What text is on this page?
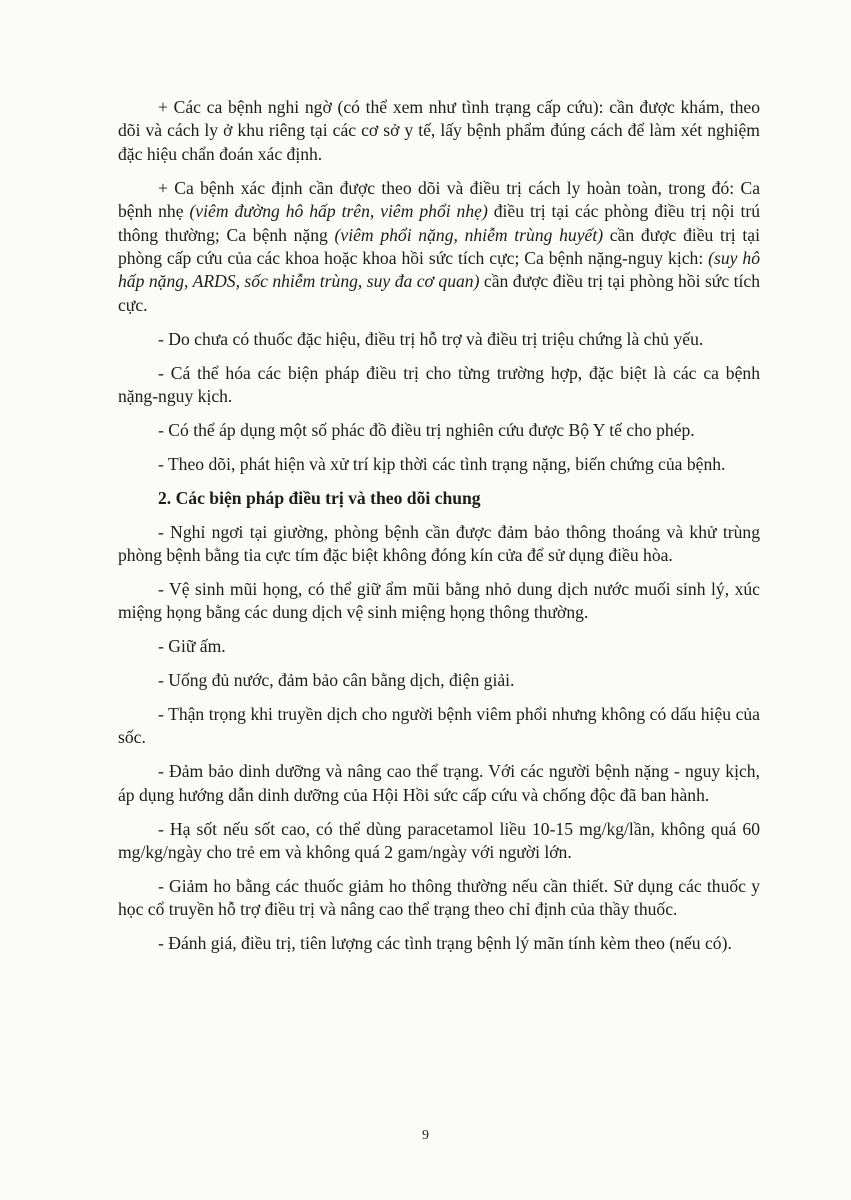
+ Các ca bệnh nghi ngờ (có thể xem như tình trạng cấp cứu): cần được khám, theo dõi và cách ly ở khu riêng tại các cơ sở y tế, lấy bệnh phẩm đúng cách để làm xét nghiệm đặc hiệu chẩn đoán xác định.

+ Ca bệnh xác định cần được theo dõi và điều trị cách ly hoàn toàn, trong đó: Ca bệnh nhẹ (viêm đường hô hấp trên, viêm phổi nhẹ) điều trị tại các phòng điều trị nội trú thông thường; Ca bệnh nặng (viêm phổi nặng, nhiễm trùng huyết) cần được điều trị tại phòng cấp cứu của các khoa hoặc khoa hồi sức tích cực; Ca bệnh nặng-nguy kịch: (suy hô hấp nặng, ARDS, sốc nhiễm trùng, suy đa cơ quan) cần được điều trị tại phòng hồi sức tích cực.

- Do chưa có thuốc đặc hiệu, điều trị hỗ trợ và điều trị triệu chứng là chủ yếu.

- Cá thể hóa các biện pháp điều trị cho từng trường hợp, đặc biệt là các ca bệnh nặng-nguy kịch.

- Có thể áp dụng một số phác đồ điều trị nghiên cứu được Bộ Y tế cho phép.

- Theo dõi, phát hiện và xử trí kịp thời các tình trạng nặng, biến chứng của bệnh.

2. Các biện pháp điều trị và theo dõi chung

- Nghỉ ngơi tại giường, phòng bệnh cần được đảm bảo thông thoáng và khử trùng phòng bệnh bằng tia cực tím đặc biệt không đóng kín cửa để sử dụng điều hòa.

- Vệ sinh mũi họng, có thể giữ ẩm mũi bằng nhỏ dung dịch nước muối sinh lý, xúc miệng họng bằng các dung dịch vệ sinh miệng họng thông thường.

- Giữ ấm.

- Uống đủ nước, đảm bảo cân bằng dịch, điện giải.

- Thận trọng khi truyền dịch cho người bệnh viêm phổi nhưng không có dấu hiệu của sốc.

- Đảm bảo dinh dưỡng và nâng cao thể trạng. Với các người bệnh nặng - nguy kịch, áp dụng hướng dẫn dinh dưỡng của Hội Hồi sức cấp cứu và chống độc đã ban hành.

- Hạ sốt nếu sốt cao, có thể dùng paracetamol liều 10-15 mg/kg/lần, không quá 60 mg/kg/ngày cho trẻ em và không quá 2 gam/ngày với người lớn.

- Giảm ho bằng các thuốc giảm ho thông thường nếu cần thiết. Sử dụng các thuốc y học cổ truyền hỗ trợ điều trị và nâng cao thể trạng theo chỉ định của thầy thuốc.

- Đánh giá, điều trị, tiên lượng các tình trạng bệnh lý mãn tính kèm theo (nếu có).

9
